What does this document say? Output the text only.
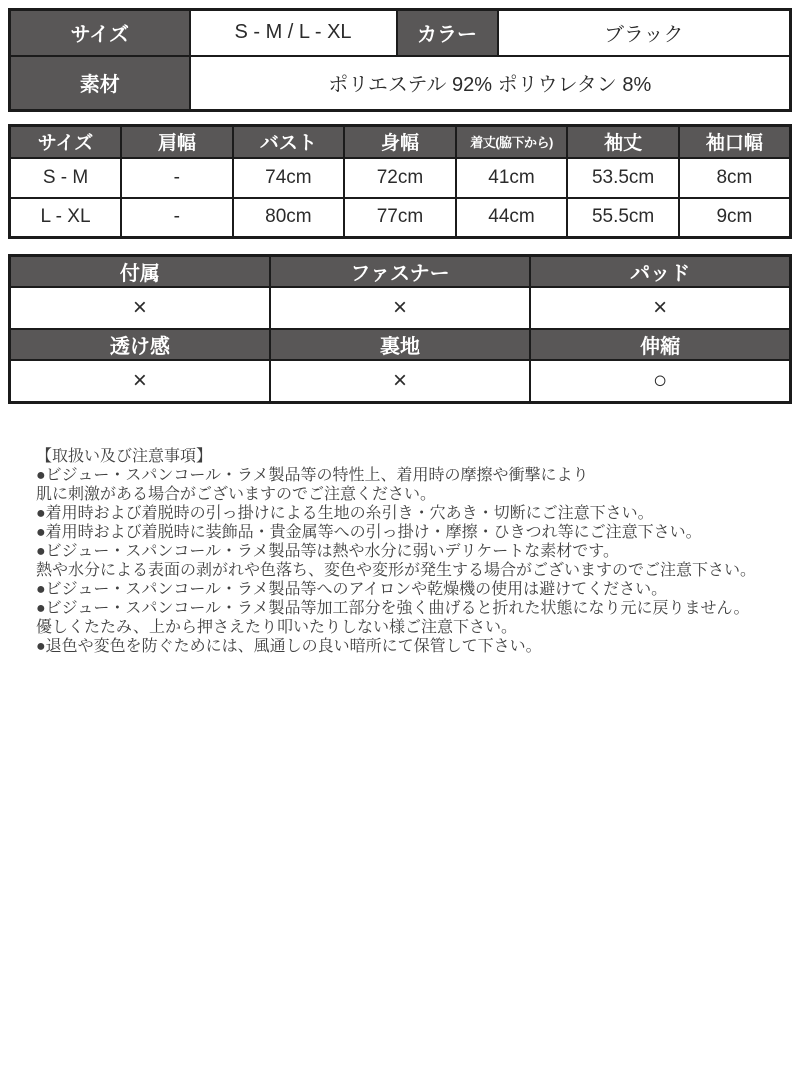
サイズ	S - M / L - XL	カラー	ブラック
素材	ポリエステル 92% ポリウレタン 8%		
サイズ	肩幅	バスト	身幅	着丈(脇下から)	袖丈	袖口幅
S - M	-	74cm	72cm	41cm	53.5cm	8cm
L - XL	-	80cm	77cm	44cm	55.5cm	9cm
付属	ファスナー	パッド
×	×	×
透け感	裏地	伸縮
×	×	○
【取扱い及び注意事項】
●ビジュー・スパンコール・ラメ製品等の特性上、着用時の摩擦や衝撃により
肌に刺激がある場合がございますのでご注意ください。
●着用時および着脱時の引っ掛けによる生地の糸引き・穴あき・切断にご注意下さい。
●着用時および着脱時に装飾品・貴金属等への引っ掛け・摩擦・ひきつれ等にご注意下さい。
●ビジュー・スパンコール・ラメ製品等は熱や水分に弱いデリケートな素材です。
熱や水分による表面の剥がれや色落ち、変色や変形が発生する場合がございますのでご注意下さい。
●ビジュー・スパンコール・ラメ製品等へのアイロンや乾燥機の使用は避けてください。
●ビジュー・スパンコール・ラメ製品等加工部分を強く曲げると折れた状態になり元に戻りません。
優しくたたみ、上から押さえたり叩いたりしない様ご注意下さい。
●退色や変色を防ぐためには、風通しの良い暗所にて保管して下さい。
